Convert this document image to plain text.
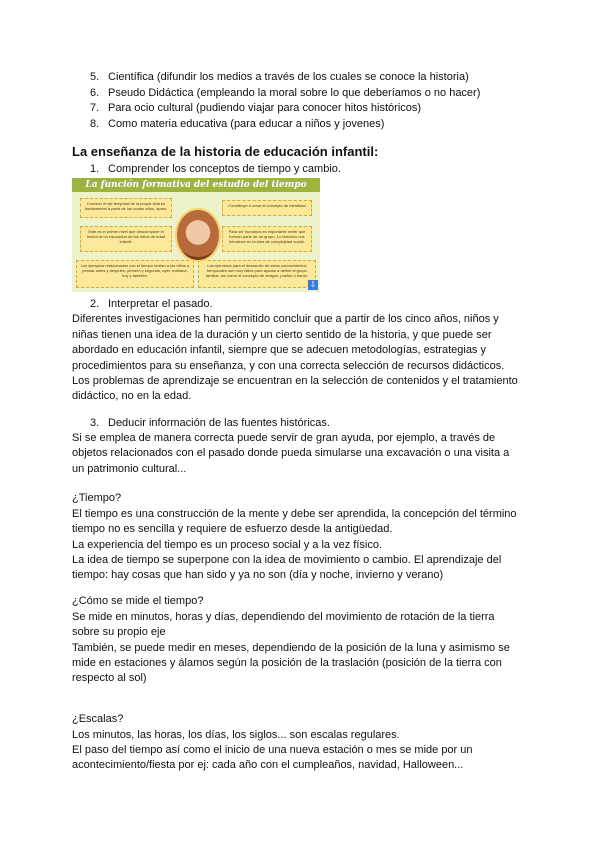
5. Científica (difundir los medios a través de los cuales se conoce la historia)
6. Pseudo Didáctica (empleando la moral sobre lo que deberíamos o no hacer)
7. Para ocio cultural (pudiendo viajar para conocer hitos históricos)
8. Como materia educativa (para educar a niños y jovenes)
La enseñanza de la historia de educación infantil:
1. Comprender los conceptos de tiempo y cambio.
La función formativa del estudio del tiempo
Conocer el eje temporal de la propia vida es fundamental a partir de los cuatro años, aprox.
Contribuye a crear el concepto de identidad
Este es el primer nivel que descompone el hecho en la educación de los niños de edad infantil.
Para ser humanos es importante sentir que forman parte de un grupo. Lo histórico nos introduce en la idea de complejidad social.
Los ejemplos relacionados con el tiempo invitan a los niños a pensar antes y después, primero y segundo, ayer, mañana, hoy y también.
Los ejercicios para el desarrollo de estos conocimientos temporales son muy útiles para ayudar a definir el grupo familiar, así como el concepto de amigos, pueblo o barrio.
⇩
2. Interpretar el pasado.
Diferentes investigaciones han permitido concluir que a partir de los cinco años, niños y
niñas tienen una idea de la duración y un cierto sentido de la historia, y que puede ser
abordado en educación infantil, siempre que se adecuen metodologías, estrategias y
procedimientos para su enseñanza, y con una correcta selección de recursos didácticos.
Los problemas de aprendizaje se encuentran en la selección de contenidos y el tratamiento
didáctico, no en la edad.
3. Deducir información de las fuentes históricas.
Si se emplea de manera correcta puede servir de gran ayuda, por ejemplo, a través de
objetos relacionados con el pasado donde pueda simularse una excavación o una visita a
un patrimonio cultural...
¿Tiempo?
El tiempo es una construcción de la mente y debe ser aprendida, la concepción del término
tiempo no es sencilla y requiere de esfuerzo desde la antigüedad.
La experiencia del tiempo es un proceso social y a la vez físico.
La idea de tiempo se superpone con la idea de movimiento o cambio. El aprendizaje del
tiempo: hay cosas que han sido y ya no son (día y noche, invierno y verano)
¿Cómo se mide el tiempo?
Se mide en minutos, horas y días, dependiendo del movimiento de rotación de la tierra
sobre su propio eje
También, se puede medir en meses, dependiendo de la posición de la luna y asimismo se
mide en estaciones y álamos según la posición de la traslación (posición de la tierra con
respecto al sol)
¿Escalas?
Los minutos, las horas, los días, los siglos... son escalas regulares.
El paso del tiempo así como el inicio de una nueva estación o mes se mide por un
acontecimiento/fiesta por ej: cada año con el cumpleaños, navidad, Halloween...
